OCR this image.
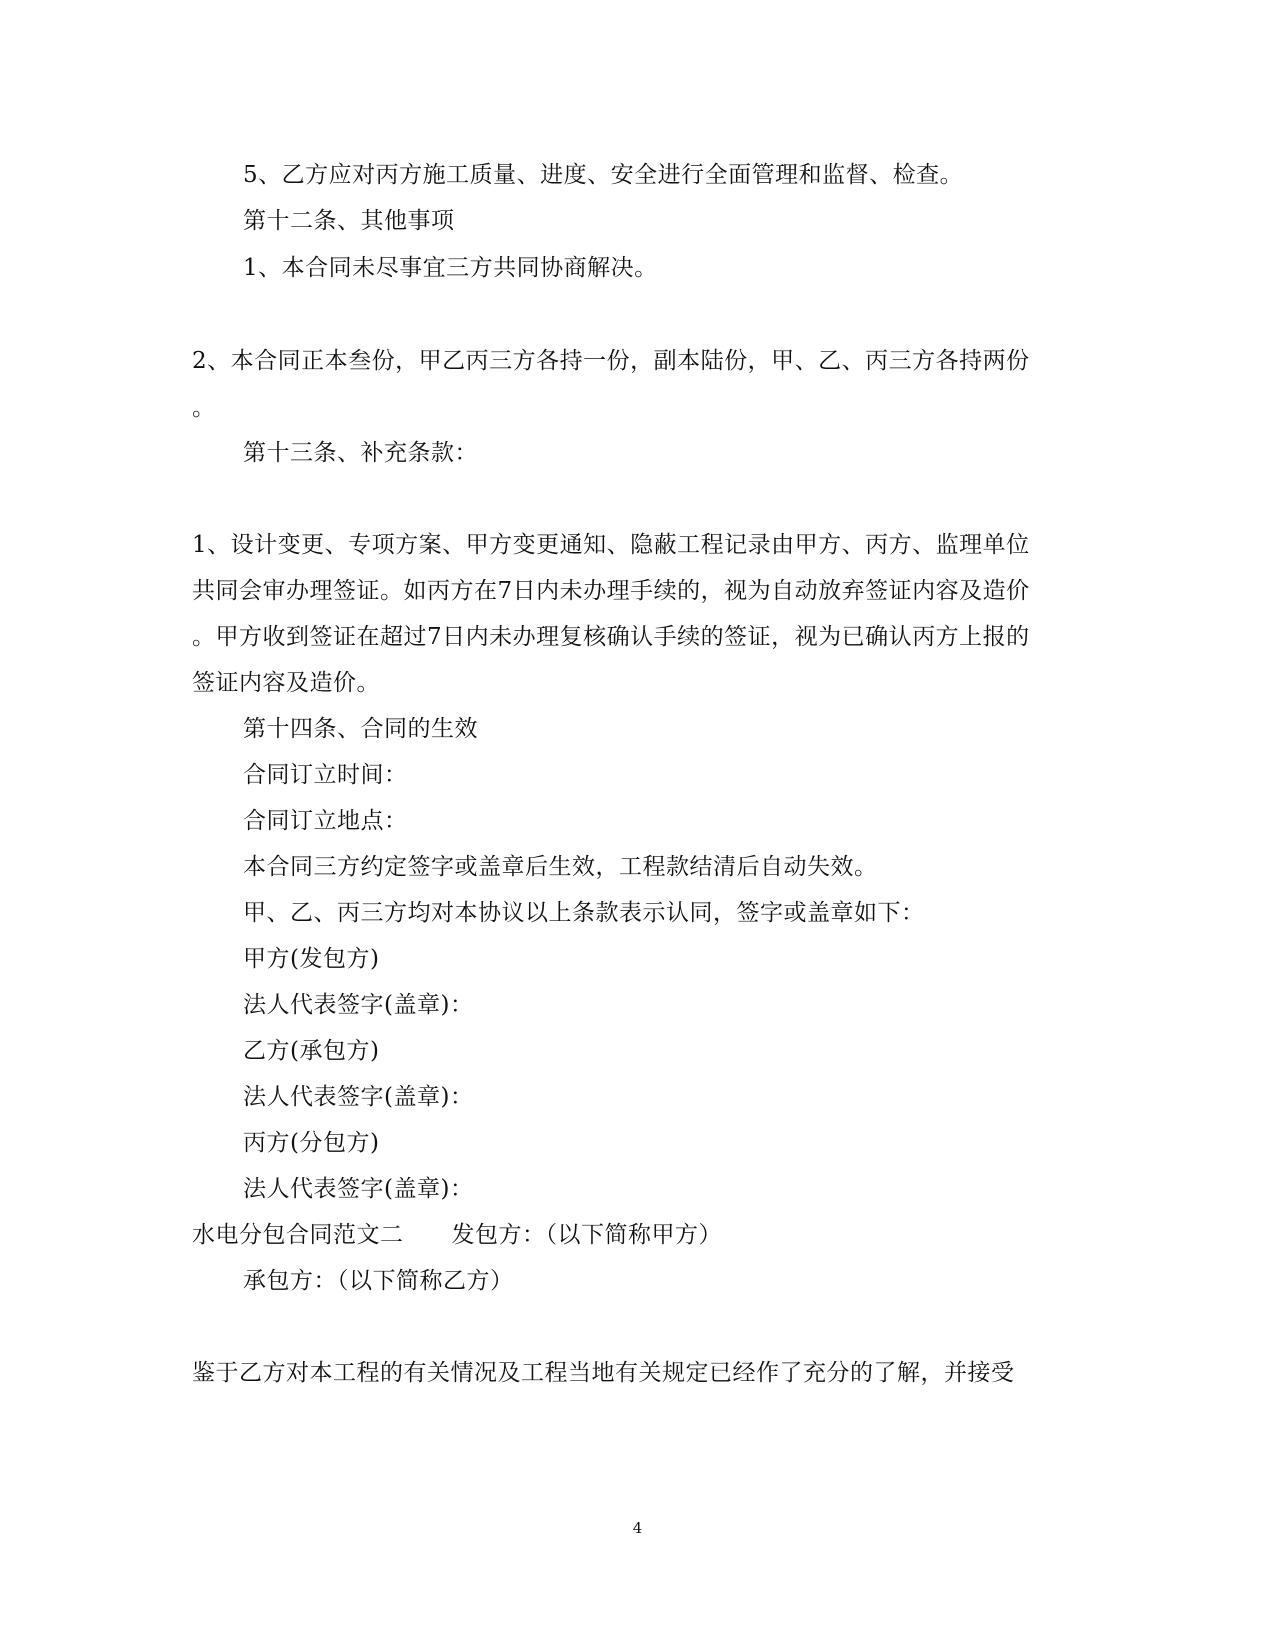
5、乙方应对丙方施工质量、进度、安全进行全面管理和监督、检查。
第十二条、其他事项
1、本合同未尽事宜三方共同协商解决。
2、本合同正本叁份，甲乙丙三方各持一份，副本陆份，甲、乙、丙三方各持两份
。
第十三条、补充条款：
1、设计变更、专项方案、甲方变更通知、隐蔽工程记录由甲方、丙方、监理单位
共同会审办理签证。如丙方在7日内未办理手续的，视为自动放弃签证内容及造价
。甲方收到签证在超过7日内未办理复核确认手续的签证，视为已确认丙方上报的
签证内容及造价。
第十四条、合同的生效
合同订立时间：
合同订立地点：
本合同三方约定签字或盖章后生效，工程款结清后自动失效。
甲、乙、丙三方均对本协议以上条款表示认同，签字或盖章如下：
甲方(发包方)
法人代表签字(盖章)：
乙方(承包方)
法人代表签字(盖章)：
丙方(分包方)
法人代表签字(盖章)：
水电分包合同范文二 发包方：（以下简称甲方）
承包方：（以下简称乙方）
鉴于乙方对本工程的有关情况及工程当地有关规定已经作了充分的了解，并接受
4
